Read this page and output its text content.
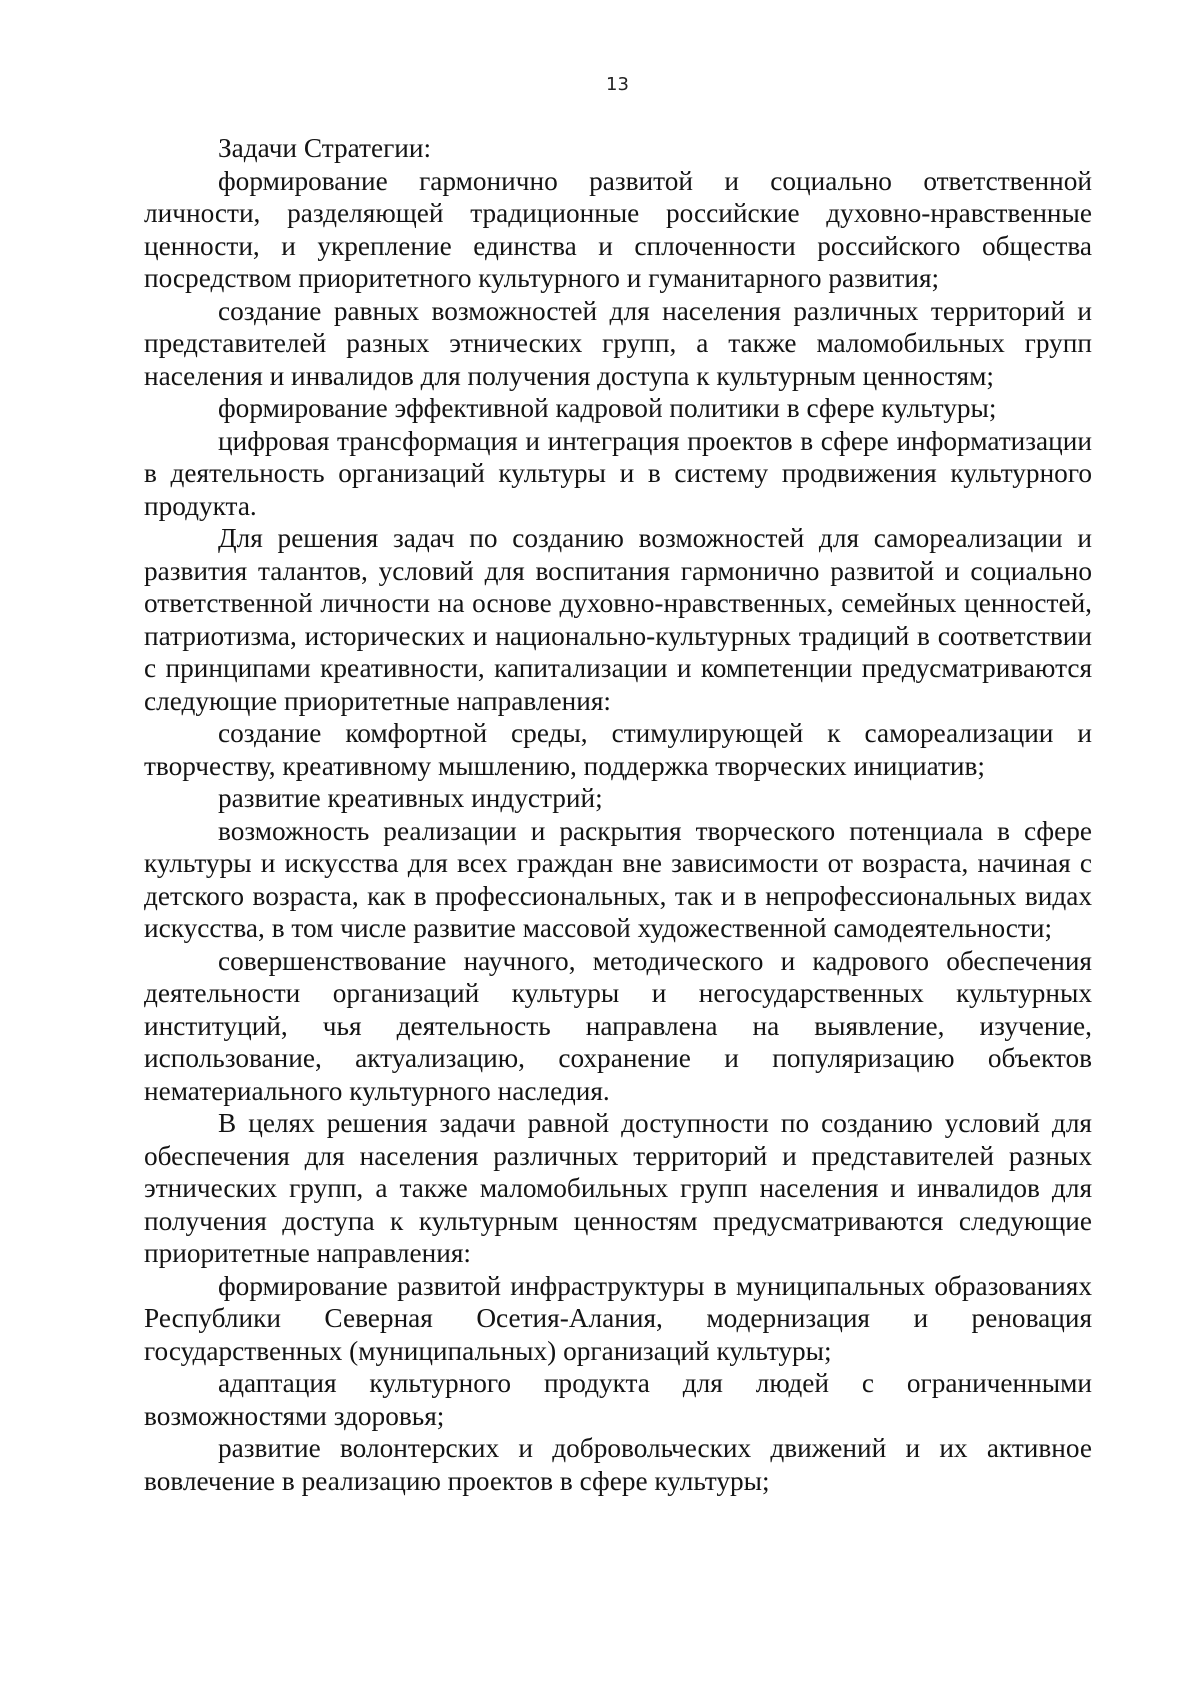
13

Задачи Стратегии:

формирование гармонично развитой и социально ответственной личности, разделяющей традиционные российские духовно-нравственные ценности, и укрепление единства и сплоченности российского общества посредством приоритетного культурного и гуманитарного развития;

создание равных возможностей для населения различных территорий и представителей разных этнических групп, а также маломобильных групп населения и инвалидов для получения доступа к культурным ценностям;

формирование эффективной кадровой политики в сфере культуры;

цифровая трансформация и интеграция проектов в сфере информатизации в деятельность организаций культуры и в систему продвижения культурного продукта.

Для решения задач по созданию возможностей для самореализации и развития талантов, условий для воспитания гармонично развитой и социально ответственной личности на основе духовно-нравственных, семейных ценностей, патриотизма, исторических и национально-культурных традиций в соответствии с принципами креативности, капитализации и компетенции предусматриваются следующие приоритетные направления:

создание комфортной среды, стимулирующей к самореализации и творчеству, креативному мышлению, поддержка творческих инициатив;

развитие креативных индустрий;

возможность реализации и раскрытия творческого потенциала в сфере культуры и искусства для всех граждан вне зависимости от возраста, начиная с детского возраста, как в профессиональных, так и в непрофессиональных видах искусства, в том числе развитие массовой художественной самодеятельности;

совершенствование научного, методического и кадрового обеспечения деятельности организаций культуры и негосударственных культурных институций, чья деятельность направлена на выявление, изучение, использование, актуализацию, сохранение и популяризацию объектов нематериального культурного наследия.

В целях решения задачи равной доступности по созданию условий для обеспечения для населения различных территорий и представителей разных этнических групп, а также маломобильных групп населения и инвалидов для получения доступа к культурным ценностям предусматриваются следующие приоритетные направления:

формирование развитой инфраструктуры в муниципальных образованиях Республики Северная Осетия-Алания, модернизация и реновация государственных (муниципальных) организаций культуры;

адаптация культурного продукта для людей с ограниченными возможностями здоровья;

развитие волонтерских и добровольческих движений и их активное вовлечение в реализацию проектов в сфере культуры;
